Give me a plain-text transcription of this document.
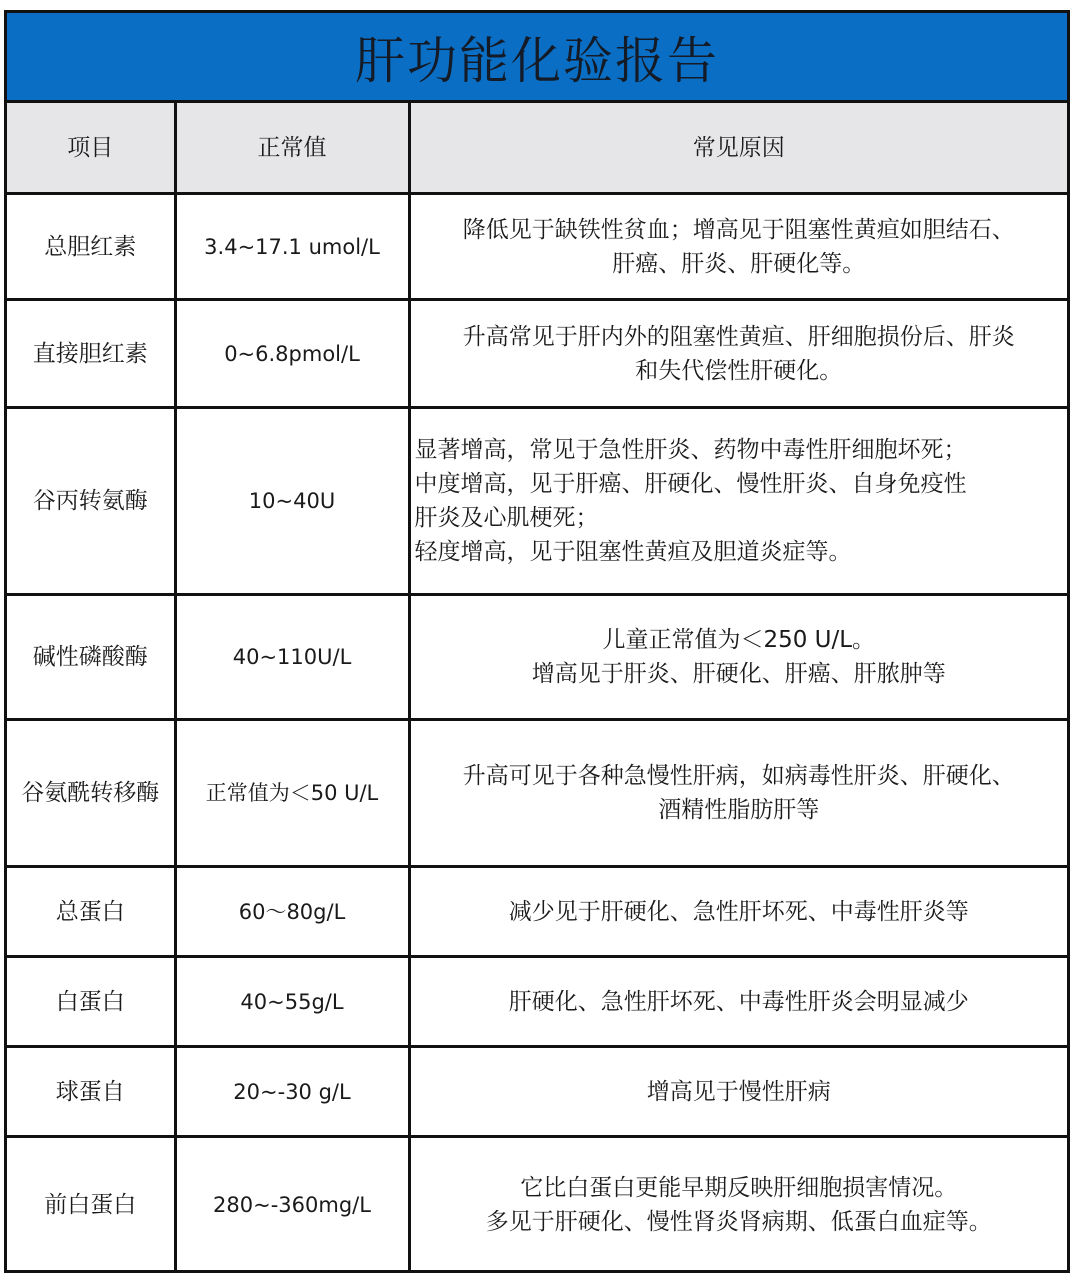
肝功能化验报告
项目	正常值	常见原因
总胆红素	3.4~17.1 umol/L	降低见于缺铁性贫血；增高见于阻塞性黄疸如胆结石、
肝癌、肝炎、肝硬化等。

直接胆红素	0~6.8pmol/L	升高常见于肝内外的阻塞性黄疸、肝细胞损份后、肝炎
和失代偿性肝硬化。

谷丙转氨酶	10~40U	显著增高，常见于急性肝炎、药物中毒性肝细胞坏死；
中度增高，见于肝癌、肝硬化、慢性肝炎、自身免疫性
肝炎及心肌梗死；
轻度增高，见于阻塞性黄疸及胆道炎症等。

碱性磷酸酶	40~110U/L	儿童正常值为＜250 U/L。
增高见于肝炎、肝硬化、肝癌、肝脓肿等

谷氨酰转移酶	正常值为＜50 U/L	升高可见于各种急慢性肝病，如病毒性肝炎、肝硬化、
酒精性脂肪肝等

总蛋白	60～80g/L	减少见于肝硬化、急性肝坏死、中毒性肝炎等

白蛋白	40~55g/L	肝硬化、急性肝坏死、中毒性肝炎会明显减少

球蛋自	20~-30 g/L	增高见于慢性肝病

前白蛋白	280~-360mg/L	它比白蛋白更能早期反映肝细胞损害情况。
多见于肝硬化、慢性肾炎肾病期、低蛋白血症等。
